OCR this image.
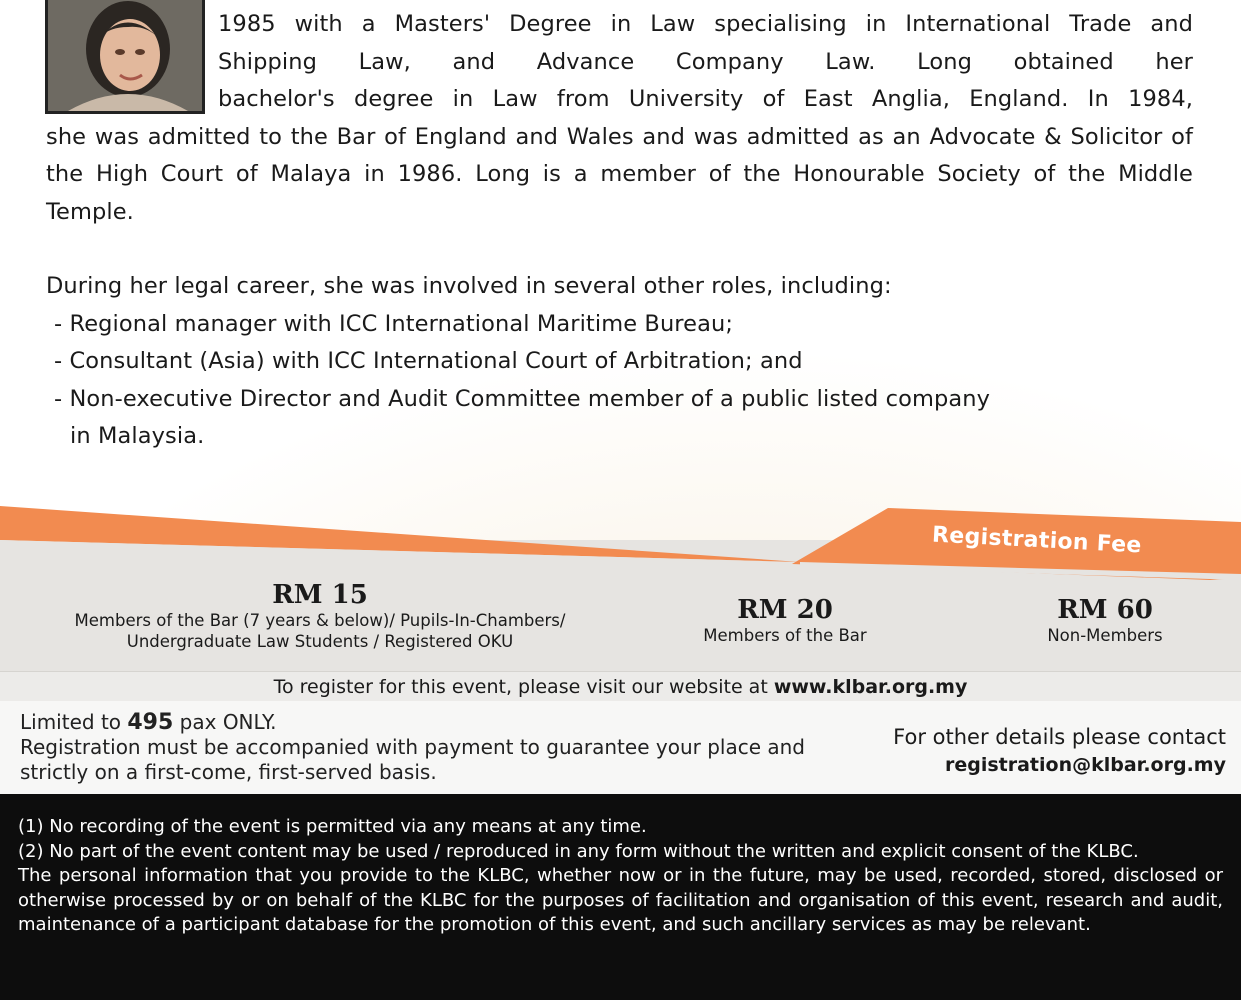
1985 with a Masters' Degree in Law specialising in International Trade and
Shipping Law, and Advance Company Law. Long obtained her
bachelor's degree in Law from University of East Anglia, England. In 1984,
she was admitted to the Bar of England and Wales and was admitted as an Advocate & Solicitor of the High Court of Malaya in 1986. Long is a member of the Honourable Society of the Middle Temple.
During her legal career, she was involved in several other roles, including:
- Regional manager with ICC International Maritime Bureau;
- Consultant (Asia) with ICC International Court of Arbitration; and
- Non-executive Director and Audit Committee member of a public listed company
in Malaysia.
Registration Fee
RM 15
Members of the Bar (7 years & below)/ Pupils-In-Chambers/
Undergraduate Law Students / Registered OKU
RM 20
Members of the Bar
RM 60
Non-Members
To register for this event, please visit our website at www.klbar.org.my
Limited to 495 pax ONLY.
Registration must be accompanied with payment to guarantee your place and strictly on a first-come, first-served basis.
For other details please contact
registration@klbar.org.my

(1) No recording of the event is permitted via any means at any time.

(2) No part of the event content may be used / reproduced in any form without the written and explicit consent of the KLBC.

The personal information that you provide to the KLBC, whether now or in the future, may be used, recorded, stored, disclosed or otherwise processed by or on behalf of the KLBC for the purposes of facilitation and organisation of this event, research and audit, maintenance of a participant database for the promotion of this event, and such ancillary services as may be relevant.
